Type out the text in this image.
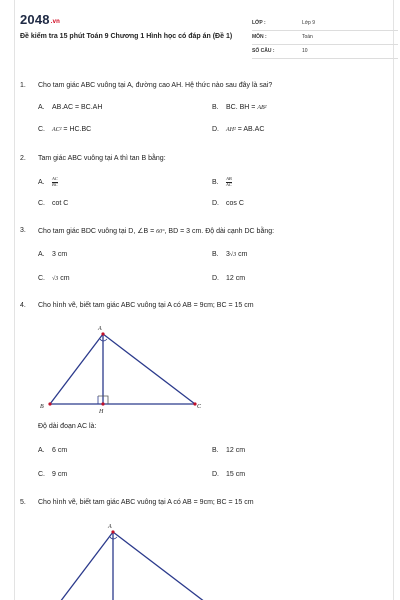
2048.vn
Đề kiểm tra 15 phút Toán 9 Chương 1 Hình học có đáp án (Đề 1)
LỚP :	Lớp 9
MÔN :	Toán
SỐ CÂU :	10
1.	Cho tam giác ABC vuông tại A, đường cao AH. Hệ thức nào sau đây là sai?
A. AB.AC = BC.AH	B. BC. BH = AB²
C. AC² = HC.BC	D. AH² = AB.AC
2.	Tam giác ABC vuông tại A thì tan B bằng:
A. $\frac{AC}{BC}$	B. $\frac{AB}{AC}$
C. cot C	D. cos C
3.	Cho tam giác BDC vuông tại D, ∠B = 60°, BD = 3 cm. Độ dài cạnh DC bằng:
A. 3 cm	B. 3√3 cm
C. √3 cm	D. 12 cm
4.	Cho hình vẽ, biết tam giác ABC vuông tại A có AB = 9cm; BC = 15 cm
A
B	C
H
Độ dài đoạn AC là:
A. 6 cm	B. 12 cm
C. 9 cm	D. 15 cm
5.	Cho hình vẽ, biết tam giác ABC vuông tại A có AB = 9cm; BC = 15 cm
A
